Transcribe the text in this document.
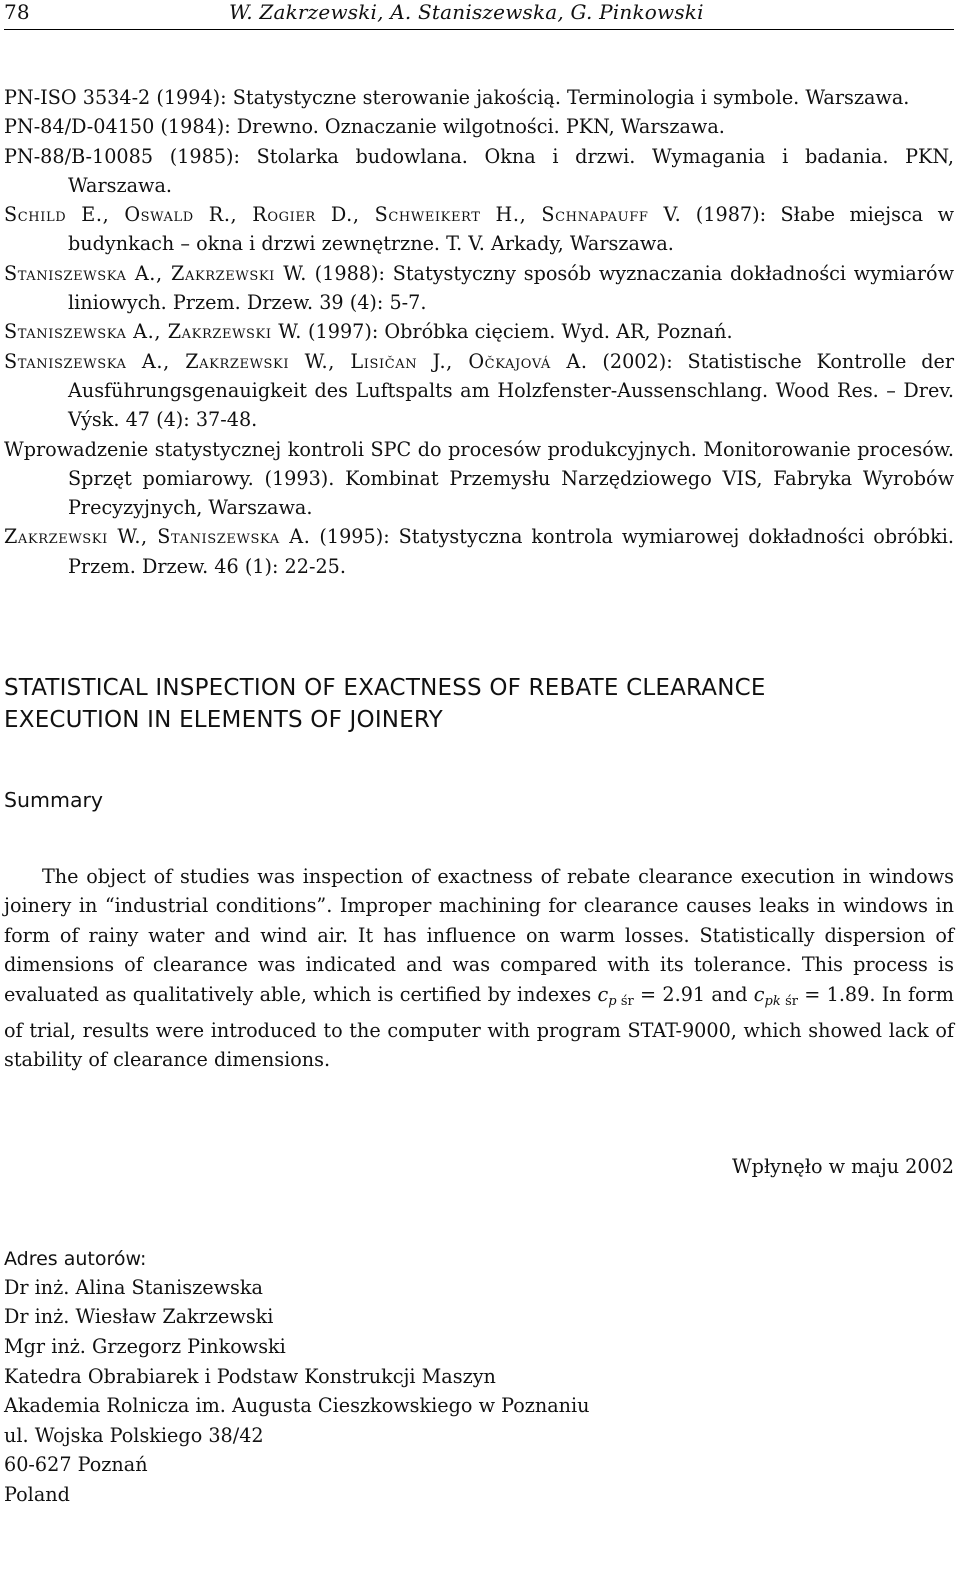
78	W. Zakrzewski, A. Staniszewska, G. Pinkowski

PN-ISO 3534-2 (1994): Statystyczne sterowanie jakością. Terminologia i symbole. Warszawa.

PN-84/D-04150 (1984): Drewno. Oznaczanie wilgotności. PKN, Warszawa.

PN-88/B-10085 (1985): Stolarka budowlana. Okna i drzwi. Wymagania i badania. PKN, Warszawa.

Schild E., Oswald R., Rogier D., Schweikert H., Schnapauff V. (1987): Słabe miejsca w budynkach – okna i drzwi zewnętrzne. T. V. Arkady, Warszawa.

Staniszewska A., Zakrzewski W. (1988): Statystyczny sposób wyznaczania dokładności wymiarów liniowych. Przem. Drzew. 39 (4): 5-7.

Staniszewska A., Zakrzewski W. (1997): Obróbka cięciem. Wyd. AR, Poznań.

Staniszewska A., Zakrzewski W., Lisičan J., Očkajová A. (2002): Statistische Kontrolle der Ausführungsgenauigkeit des Luftspalts am Holzfenster-Aussenschlang. Wood Res. – Drev. Výsk. 47 (4): 37-48.

Wprowadzenie statystycznej kontroli SPC do procesów produkcyjnych. Monitorowanie procesów. Sprzęt pomiarowy. (1993). Kombinat Przemysłu Narzędziowego VIS, Fabryka Wyrobów Precyzyjnych, Warszawa.

Zakrzewski W., Staniszewska A. (1995): Statystyczna kontrola wymiarowej dokładności obróbki. Przem. Drzew. 46 (1): 22-25.

STATISTICAL INSPECTION OF EXACTNESS OF REBATE CLEARANCE
EXECUTION IN ELEMENTS OF JOINERY
Summary
The object of studies was inspection of exactness of rebate clearance execution in windows joinery in “industrial conditions”. Improper machining for clearance causes leaks in windows in form of rainy water and wind air. It has influence on warm losses. Statistically dispersion of dimensions of clearance was indicated and was compared with its tolerance. This process is evaluated as qualitatively able, which is certified by indexes $c_{p śr} = 2.91$ and $c_{pk śr} = 1.89$. In form of trial, results were introduced to the computer with program STAT-9000, which showed lack of stability of clearance dimensions.
Wpłynęło w maju 2002
Adres autorów:
Dr inż. Alina Staniszewska
Dr inż. Wiesław Zakrzewski
Mgr inż. Grzegorz Pinkowski
Katedra Obrabiarek i Podstaw Konstrukcji Maszyn
Akademia Rolnicza im. Augusta Cieszkowskiego w Poznaniu
ul. Wojska Polskiego 38/42
60-627 Poznań
Poland
